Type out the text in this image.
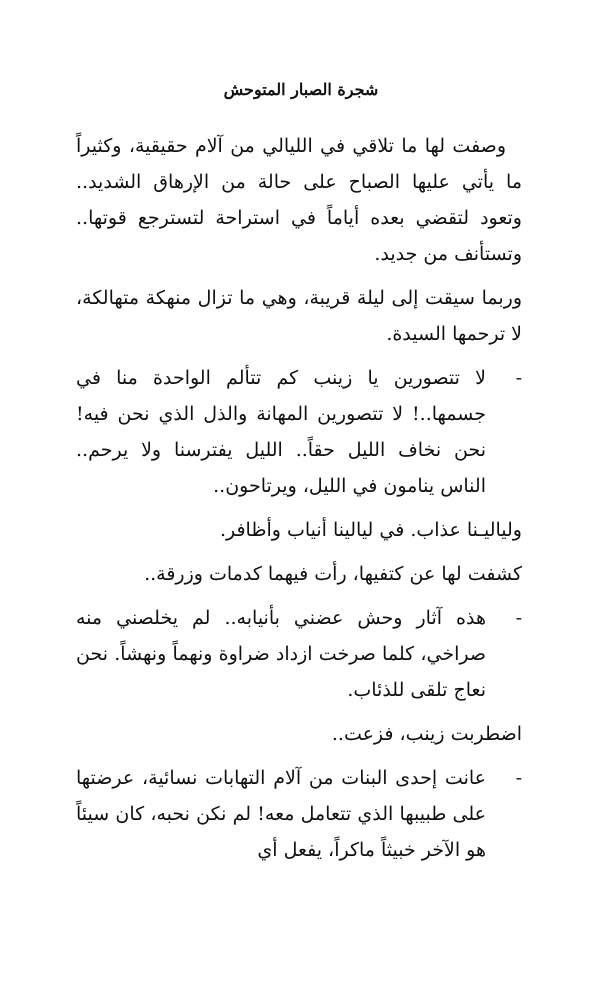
شجرة الصبار المتوحش

وصفت لها ما تلاقي في الليالي من آلام حقيقية، وكثيراً ما يأتي عليها الصباح على حالة من الإرهاق الشديد.. وتعود لتقضي بعده أياماً في استراحة لتسترجع قوتها.. وتستأنف من جديد.

وربما سيقت إلى ليلة قريبة، وهي ما تزال منهكة متهالكة، لا ترحمها السيدة.

-
لا تتصورين يا زينب كم تتألم الواحدة منا في جسمها..! لا تتصورين المهانة والذل الذي نحن فيه! نحن نخاف الليل حقاً.. الليل يفترسنا ولا يرحم.. الناس ينامون في الليل، ويرتاحون..

ولياليـنا عذاب. في ليالينا أنياب وأظافر.

كشفت لها عن كتفيها، رأت فيهما كدمات وزرقة..

-
هذه آثار وحش عضني بأنيابه.. لم يخلصني منه صراخي، كلما صرخت ازداد ضراوة ونهماً ونهشاً. نحن نعاج تلقى للذئاب.

اضطربت زينب، فزعت..

-
عانت إحدى البنات من آلام التهابات نسائية، عرضتها على طبيبها الذي تتعامل معه! لم نكن نحبه، كان سيئاً هو الآخر خبيثاً ماكراً، يفعل أي
